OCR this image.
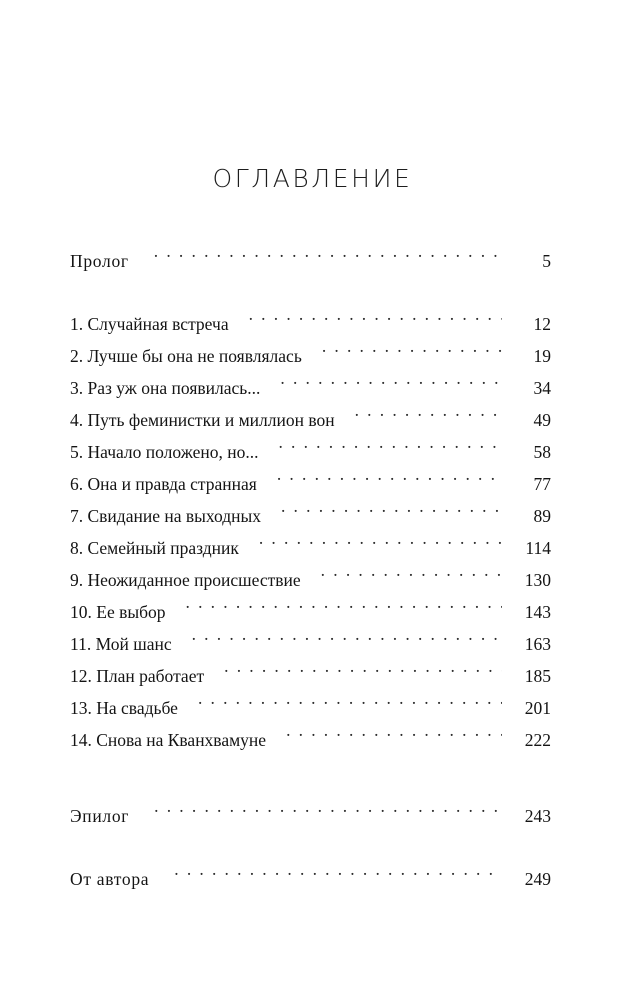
ОГЛАВЛЕНИЕ
Пролог .....	5
1. Случайная встреча .....	12
2. Лучше бы она не появлялась .....	19
3. Раз уж она появилась... .....	34
4. Путь феминистки и миллион вон .....	49
5. Начало положено, но... .....	58
6. Она и правда странная .....	77
7. Свидание на выходных .....	89
8. Семейный праздник .....	114
9. Неожиданное происшествие .....	130
10. Ее выбор .....	143
11. Мой шанс .....	163
12. План работает .....	185
13. На свадьбе .....	201
14. Снова на Кванхвамуне .....	222
Эпилог .....	243
От автора .....	249
